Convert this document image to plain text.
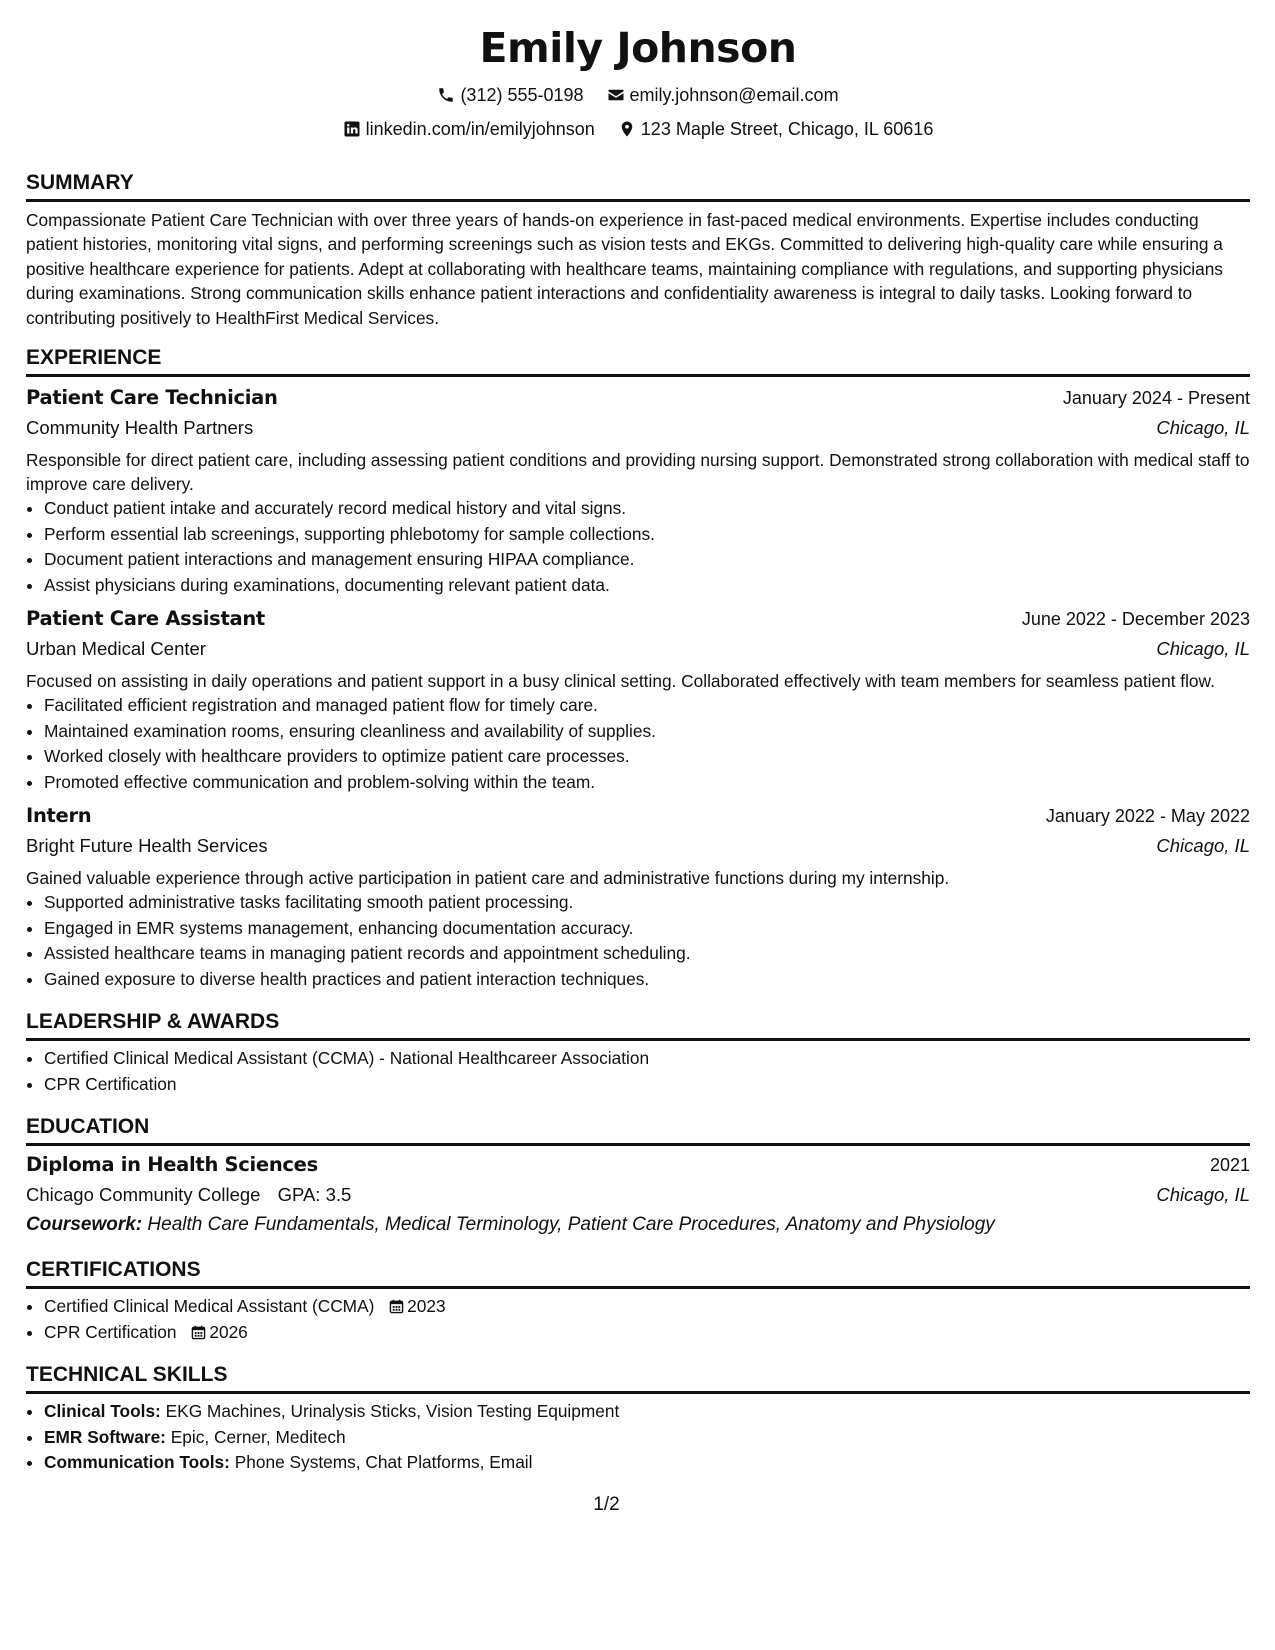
Emily Johnson
(312) 555-0198
	emily.johnson@email.com
linkedin.com/in/emilyjohnson
	123 Maple Street, Chicago, IL 60616
SUMMARY

Compassionate Patient Care Technician with over three years of hands-on experience in fast-paced medical environments. Expertise includes conducting patient histories, monitoring vital signs, and performing screenings such as vision tests and EKGs. Committed to delivering high-quality care while ensuring a positive healthcare experience for patients. Adept at collaborating with healthcare teams, maintaining compliance with regulations, and supporting physicians during examinations. Strong communication skills enhance patient interactions and confidentiality awareness is integral to daily tasks. Looking forward to contributing positively to HealthFirst Medical Services.

EXPERIENCE
Patient Care Technician	January 2024 - Present
Community Health Partners	Chicago, IL

Responsible for direct patient care, including assessing patient conditions and providing nursing support. Demonstrated strong collaboration with medical staff to improve care delivery.

• Conduct patient intake and accurately record medical history and vital signs.
• Perform essential lab screenings, supporting phlebotomy for sample collections.
• Document patient interactions and management ensuring HIPAA compliance.
• Assist physicians during examinations, documenting relevant patient data.
Patient Care Assistant	June 2022 - December 2023
Urban Medical Center	Chicago, IL

Focused on assisting in daily operations and patient support in a busy clinical setting. Collaborated effectively with team members for seamless patient flow.

• Facilitated efficient registration and managed patient flow for timely care.
• Maintained examination rooms, ensuring cleanliness and availability of supplies.
• Worked closely with healthcare providers to optimize patient care processes.
• Promoted effective communication and problem-solving within the team.
Intern	January 2022 - May 2022
Bright Future Health Services	Chicago, IL

Gained valuable experience through active participation in patient care and administrative functions during my internship.

• Supported administrative tasks facilitating smooth patient processing.
• Engaged in EMR systems management, enhancing documentation accuracy.
• Assisted healthcare teams in managing patient records and appointment scheduling.
• Gained exposure to diverse health practices and patient interaction techniques.
LEADERSHIP & AWARDS
• Certified Clinical Medical Assistant (CCMA) - National Healthcareer Association
• CPR Certification
EDUCATION
Diploma in Health Sciences	2021
Chicago Community College GPA: 3.5	Chicago, IL
Coursework: Health Care Fundamentals, Medical Terminology, Patient Care Procedures, Anatomy and Physiology
CERTIFICATIONS
• Certified Clinical Medical Assistant (CCMA) 2023
• CPR Certification 2026
TECHNICAL SKILLS
• Clinical Tools: EKG Machines, Urinalysis Sticks, Vision Testing Equipment
• EMR Software: Epic, Cerner, Meditech
• Communication Tools: Phone Systems, Chat Platforms, Email
1/2
